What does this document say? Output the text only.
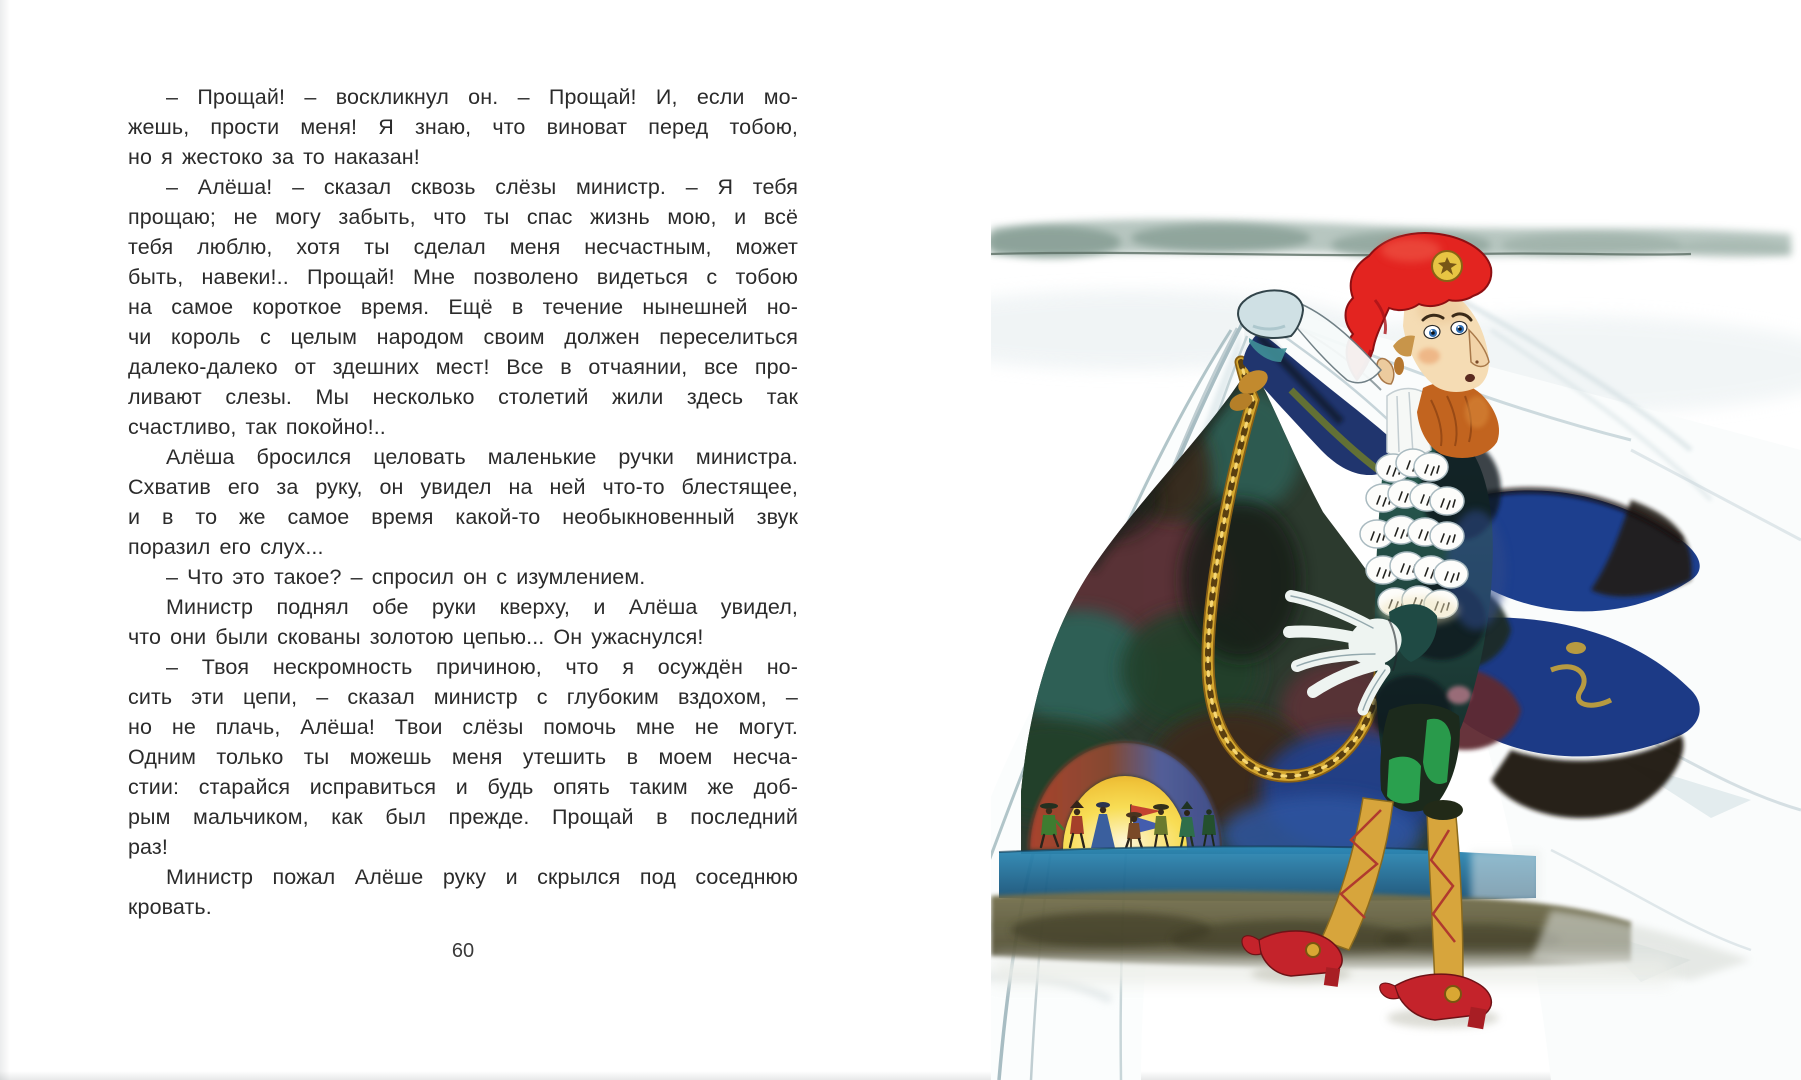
– Прощай! – воскликнул он. – Прощай! И, если мо-
жешь, прости меня! Я знаю, что виноват перед тобою,
но я жестоко за то наказан!
– Алёша! – сказал сквозь слёзы министр. – Я тебя
прощаю; не могу забыть, что ты спас жизнь мою, и всё
тебя люблю, хотя ты сделал меня несчастным, может
быть, навеки!.. Прощай! Мне позволено видеться с тобою
на самое короткое время. Ещё в течение нынешней но-
чи король с целым народом своим должен переселиться
далеко-далеко от здешних мест! Все в отчаянии, все про-
ливают слезы. Мы несколько столетий жили здесь так
счастливо, так покойно!..
Алёша бросился целовать маленькие ручки министра.
Схватив его за руку, он увидел на ней что-то блестящее,
и в то же самое время какой-то необыкновенный звук
поразил его слух...
– Что это такое? – спросил он с изумлением.
Министр поднял обе руки кверху, и Алёша увидел,
что они были скованы золотою цепью... Он ужаснулся!
– Твоя нескромность причиною, что я осуждён но-
сить эти цепи, – сказал министр с глубоким вздохом, –
но не плачь, Алёша! Твои слёзы помочь мне не могут.
Одним только ты можешь меня утешить в моем несча-
стии: старайся исправиться и будь опять таким же доб-
рым мальчиком, как был прежде. Прощай в последний
раз!
Министр пожал Алёше руку и скрылся под соседнюю
кровать.
60
